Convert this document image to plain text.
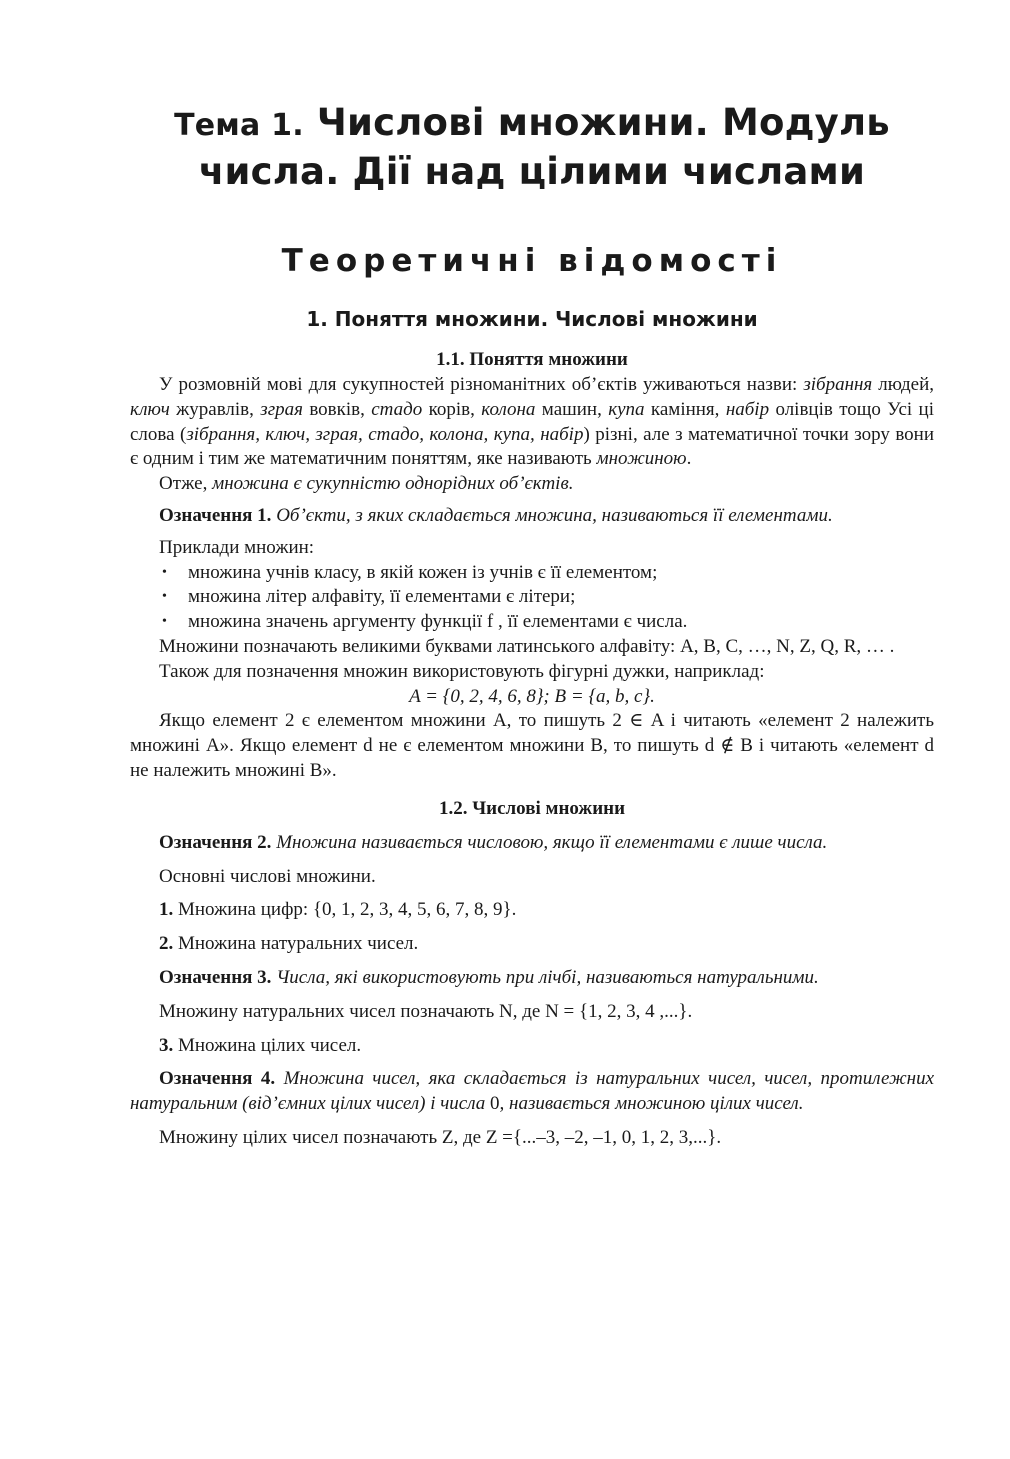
Тема 1. Числові множини. Модуль
числа. Дії над цілими числами
Теоретичні відомості
1. Поняття множини. Числові множини
1.1. Поняття множини

У розмовній мові для сукупностей різноманітних об’єктів уживаються назви: зібрання людей, ключ журавлів, зграя вовків, стадо корів, колона машин, купа каміння, набір олівців тощо Усі ці слова (зібрання, ключ, зграя, стадо, колона, купа, набір) різні, але з математичної точки зору вони є одним і тим же математичним поняттям, яке називають множиною.

Отже, множина є сукупністю однорідних об’єктів.

Означення 1. Об’єкти, з яких складається множина, називаються її елементами.

Приклади множин:

• множина учнів класу, в якій кожен із учнів є її елементом;

• множина літер алфавіту, її елементами є літери;

• множина значень аргументу функції f , її елементами є числа.

Множини позначають великими буквами латинського алфавіту: A, B, C, …, N, Z, Q, R, … .

Також для позначення множин використовують фігурні дужки, наприклад:

A = {0, 2, 4, 6, 8}; B = {a, b, c}.

Якщо елемент 2 є елементом множини A, то пишуть 2 ∈ A і читають «елемент 2 належить множині A». Якщо елемент d не є елементом множини B, то пишуть d ∉ B і читають «елемент d не належить множині B».

1.2. Числові множини

Означення 2. Множина називається числовою, якщо її елементами є лише числа.

Основні числові множини.

1. Множина цифр: {0, 1, 2, 3, 4, 5, 6, 7, 8, 9}.

2. Множина натуральних чисел.

Означення 3. Числа, які використовують при лічбі, називаються натуральними.

Множину натуральних чисел позначають N, де N = {1, 2, 3, 4 ,...}.

3. Множина цілих чисел.

Означення 4. Множина чисел, яка складається із натуральних чисел, чисел, протилежних натуральним (від’ємних цілих чисел) і числа 0, називається множиною цілих чисел.

Множину цілих чисел позначають Z, де Z ={...–3, –2, –1, 0, 1, 2, 3,...}.
